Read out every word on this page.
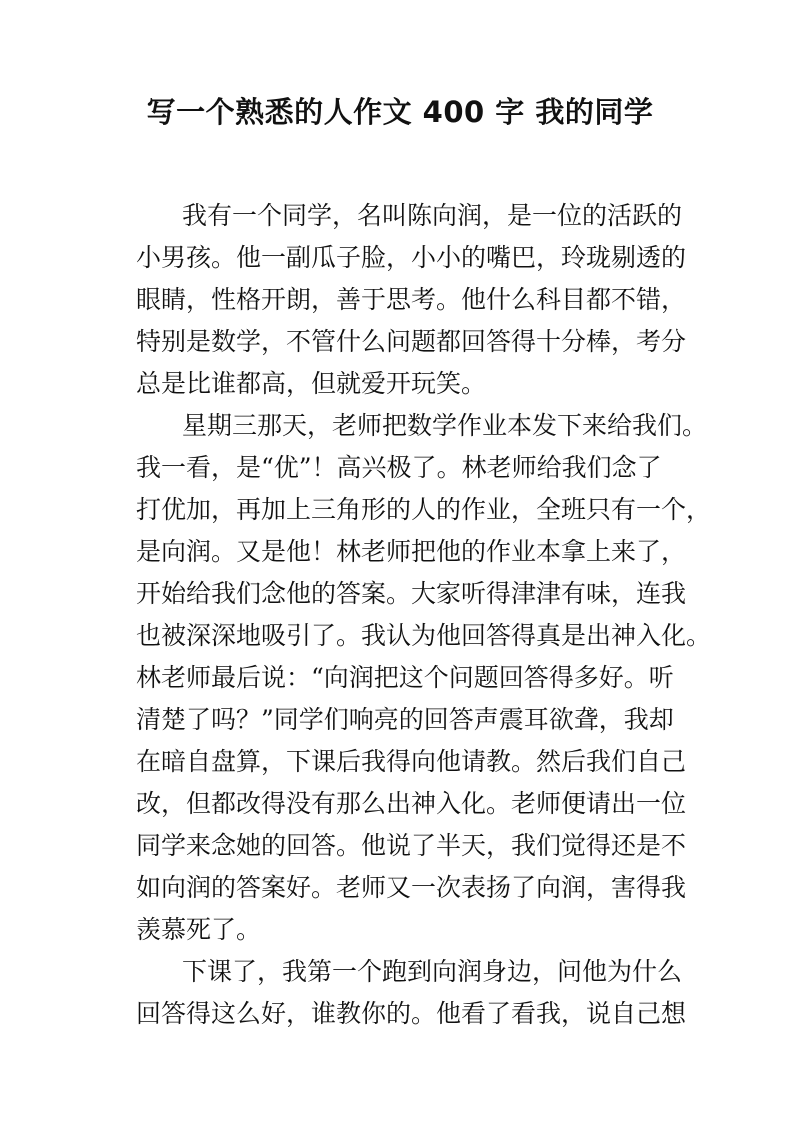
写一个熟悉的人作文 400 字 我的同学

我有一个同学，名叫陈向润，是一位的活跃的

小男孩。他一副瓜子脸，小小的嘴巴，玲珑剔透的

眼睛，性格开朗，善于思考。他什么科目都不错，

特别是数学，不管什么问题都回答得十分棒，考分

总是比谁都高，但就爱开玩笑。

星期三那天，老师把数学作业本发下来给我们。

我一看，是“优”！高兴极了。林老师给我们念了

打优加，再加上三角形的人的作业，全班只有一个，

是向润。又是他！林老师把他的作业本拿上来了，

开始给我们念他的答案。大家听得津津有味，连我

也被深深地吸引了。我认为他回答得真是出神入化。

林老师最后说：“向润把这个问题回答得多好。听

清楚了吗？”同学们响亮的回答声震耳欲聋，我却

在暗自盘算，下课后我得向他请教。然后我们自己

改，但都改得没有那么出神入化。老师便请出一位

同学来念她的回答。他说了半天，我们觉得还是不

如向润的答案好。老师又一次表扬了向润，害得我

羡慕死了。

下课了，我第一个跑到向润身边，问他为什么

回答得这么好，谁教你的。他看了看我，说自己想
